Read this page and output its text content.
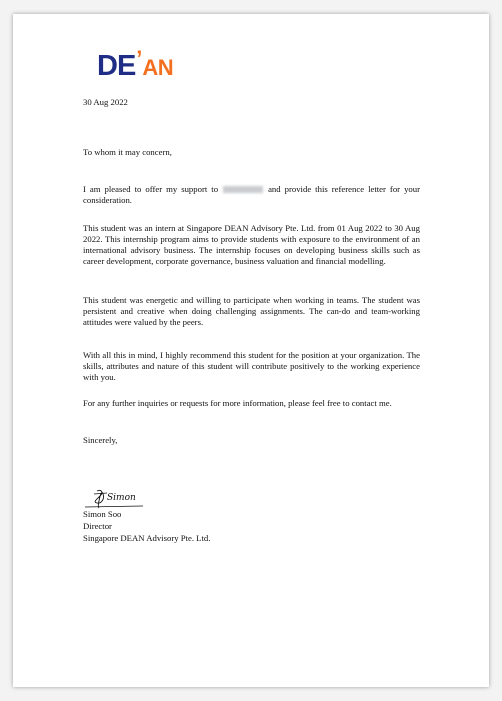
DE’AN
30 Aug 2022
To whom it may concern,
I am pleased to offer my support to	and provide this reference letter for your consideration.
This student was an intern at Singapore DEAN Advisory Pte. Ltd. from 01 Aug 2022 to 30 Aug 2022. This internship program aims to provide students with exposure to the environment of an international advisory business. The internship focuses on developing business skills such as career development, corporate governance, business valuation and financial modelling.
This student was energetic and willing to participate when working in teams. The student was persistent and creative when doing challenging assignments. The can-do and team-working attitudes were valued by the peers.
With all this in mind, I highly recommend this student for the position at your organization. The skills, attributes and nature of this student will contribute positively to the working experience with you.
For any further inquiries or requests for more information, please feel free to contact me.
Sincerely,
Simon
Simon Soo
Director
Singapore DEAN Advisory Pte. Ltd.
